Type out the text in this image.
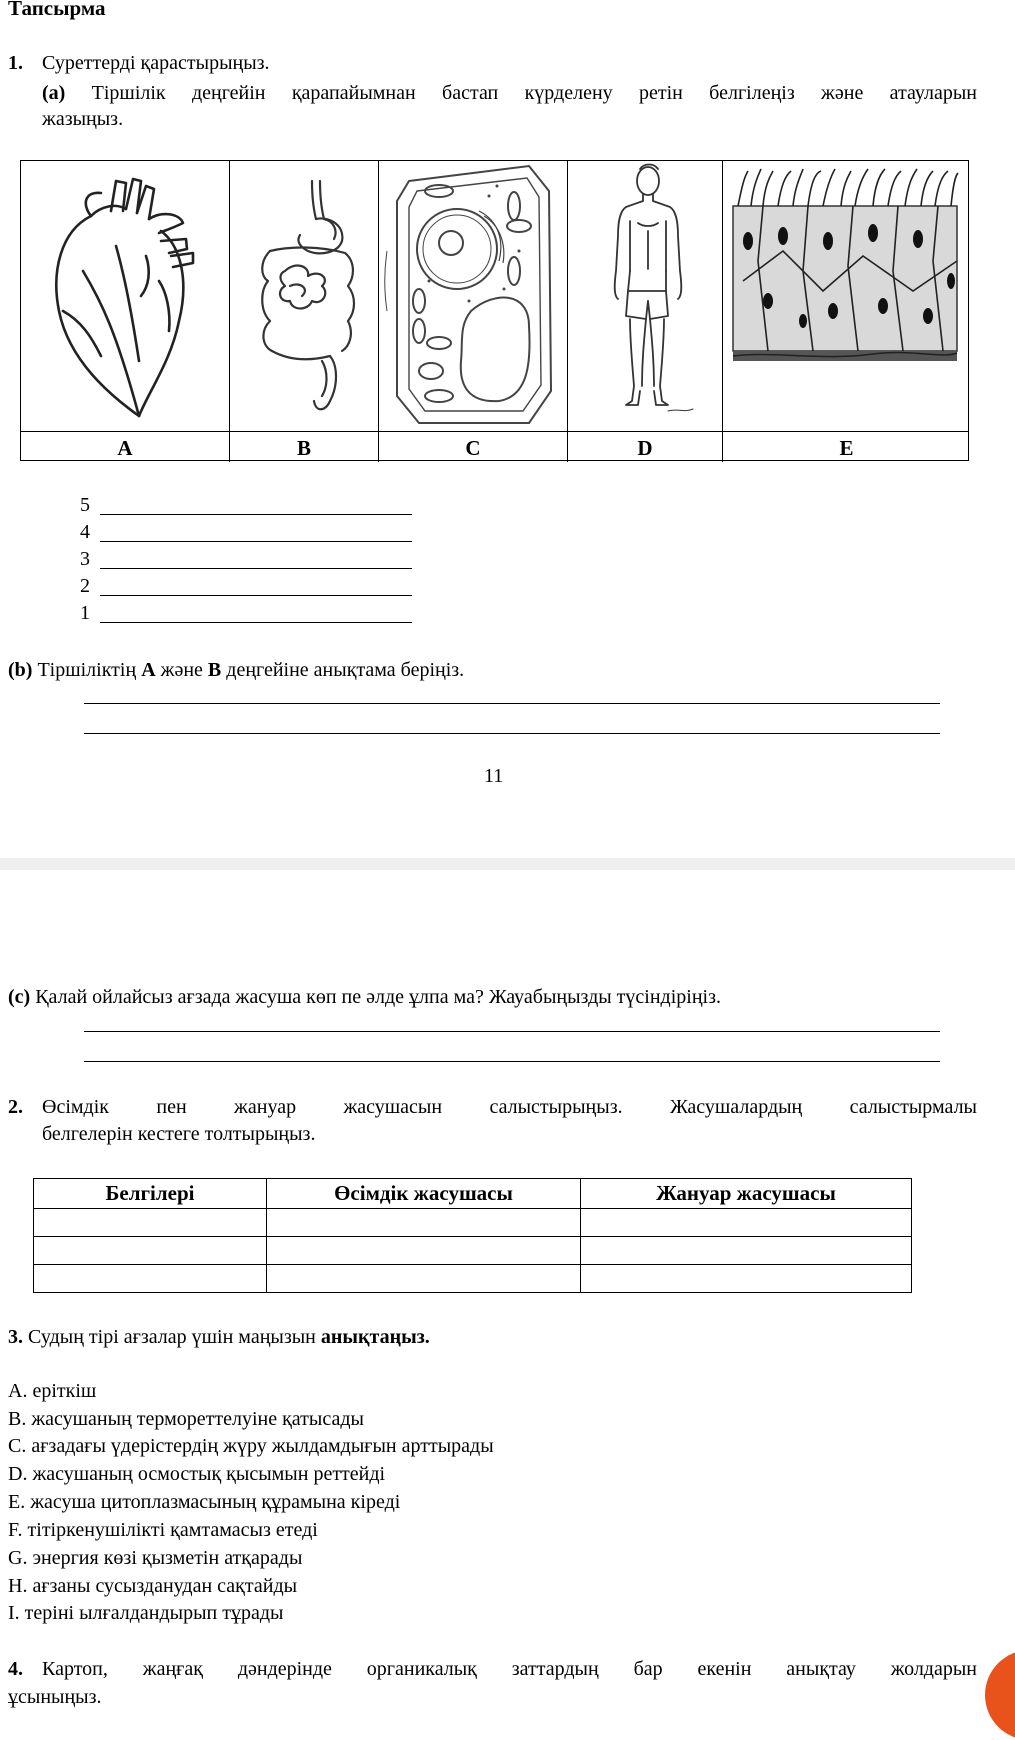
Тапсырма
1. Суреттерді қарастырыңыз.
(a) Тіршілік деңгейін қарапайымнан бастап күрделену ретін белгілеңіз және атауларын
жазыңыз.
A	B	C	D	E
5
4
3
2
1
(b) Тіршіліктің A және B деңгейіне анықтама беріңіз.
11
(c) Қалай ойлайсыз ағзада жасуша көп пе әлде ұлпа ма? Жауабыңызды түсіндіріңіз.
2. Өсімдік пен жануар жасушасын салыстырыңыз. Жасушалардың салыстырмалы
белгелерін кестеге толтырыңыз.
Белгілері	Өсімдік жасушасы	Жануар жасушасы

3. Судың тірі ағзалар үшін маңызын анықтаңыз.
A. еріткіш
B. жасушаның термореттелуіне қатысады
C. ағзадағы үдерістердің жүру жылдамдығын арттырады
D. жасушаның осмостық қысымын реттейді
E. жасуша цитоплазмасының құрамына кіреді
F. тітіркенушілікті қамтамасыз етеді
G. энергия көзі қызметін атқарады
H. ағзаны сусызданудан сақтайды
I. теріні ылғалдандырып тұрады
4. Картоп, жаңғақ дәндерінде органикалық заттардың бар екенін анықтау жолдарын
ұсыныңыз.
